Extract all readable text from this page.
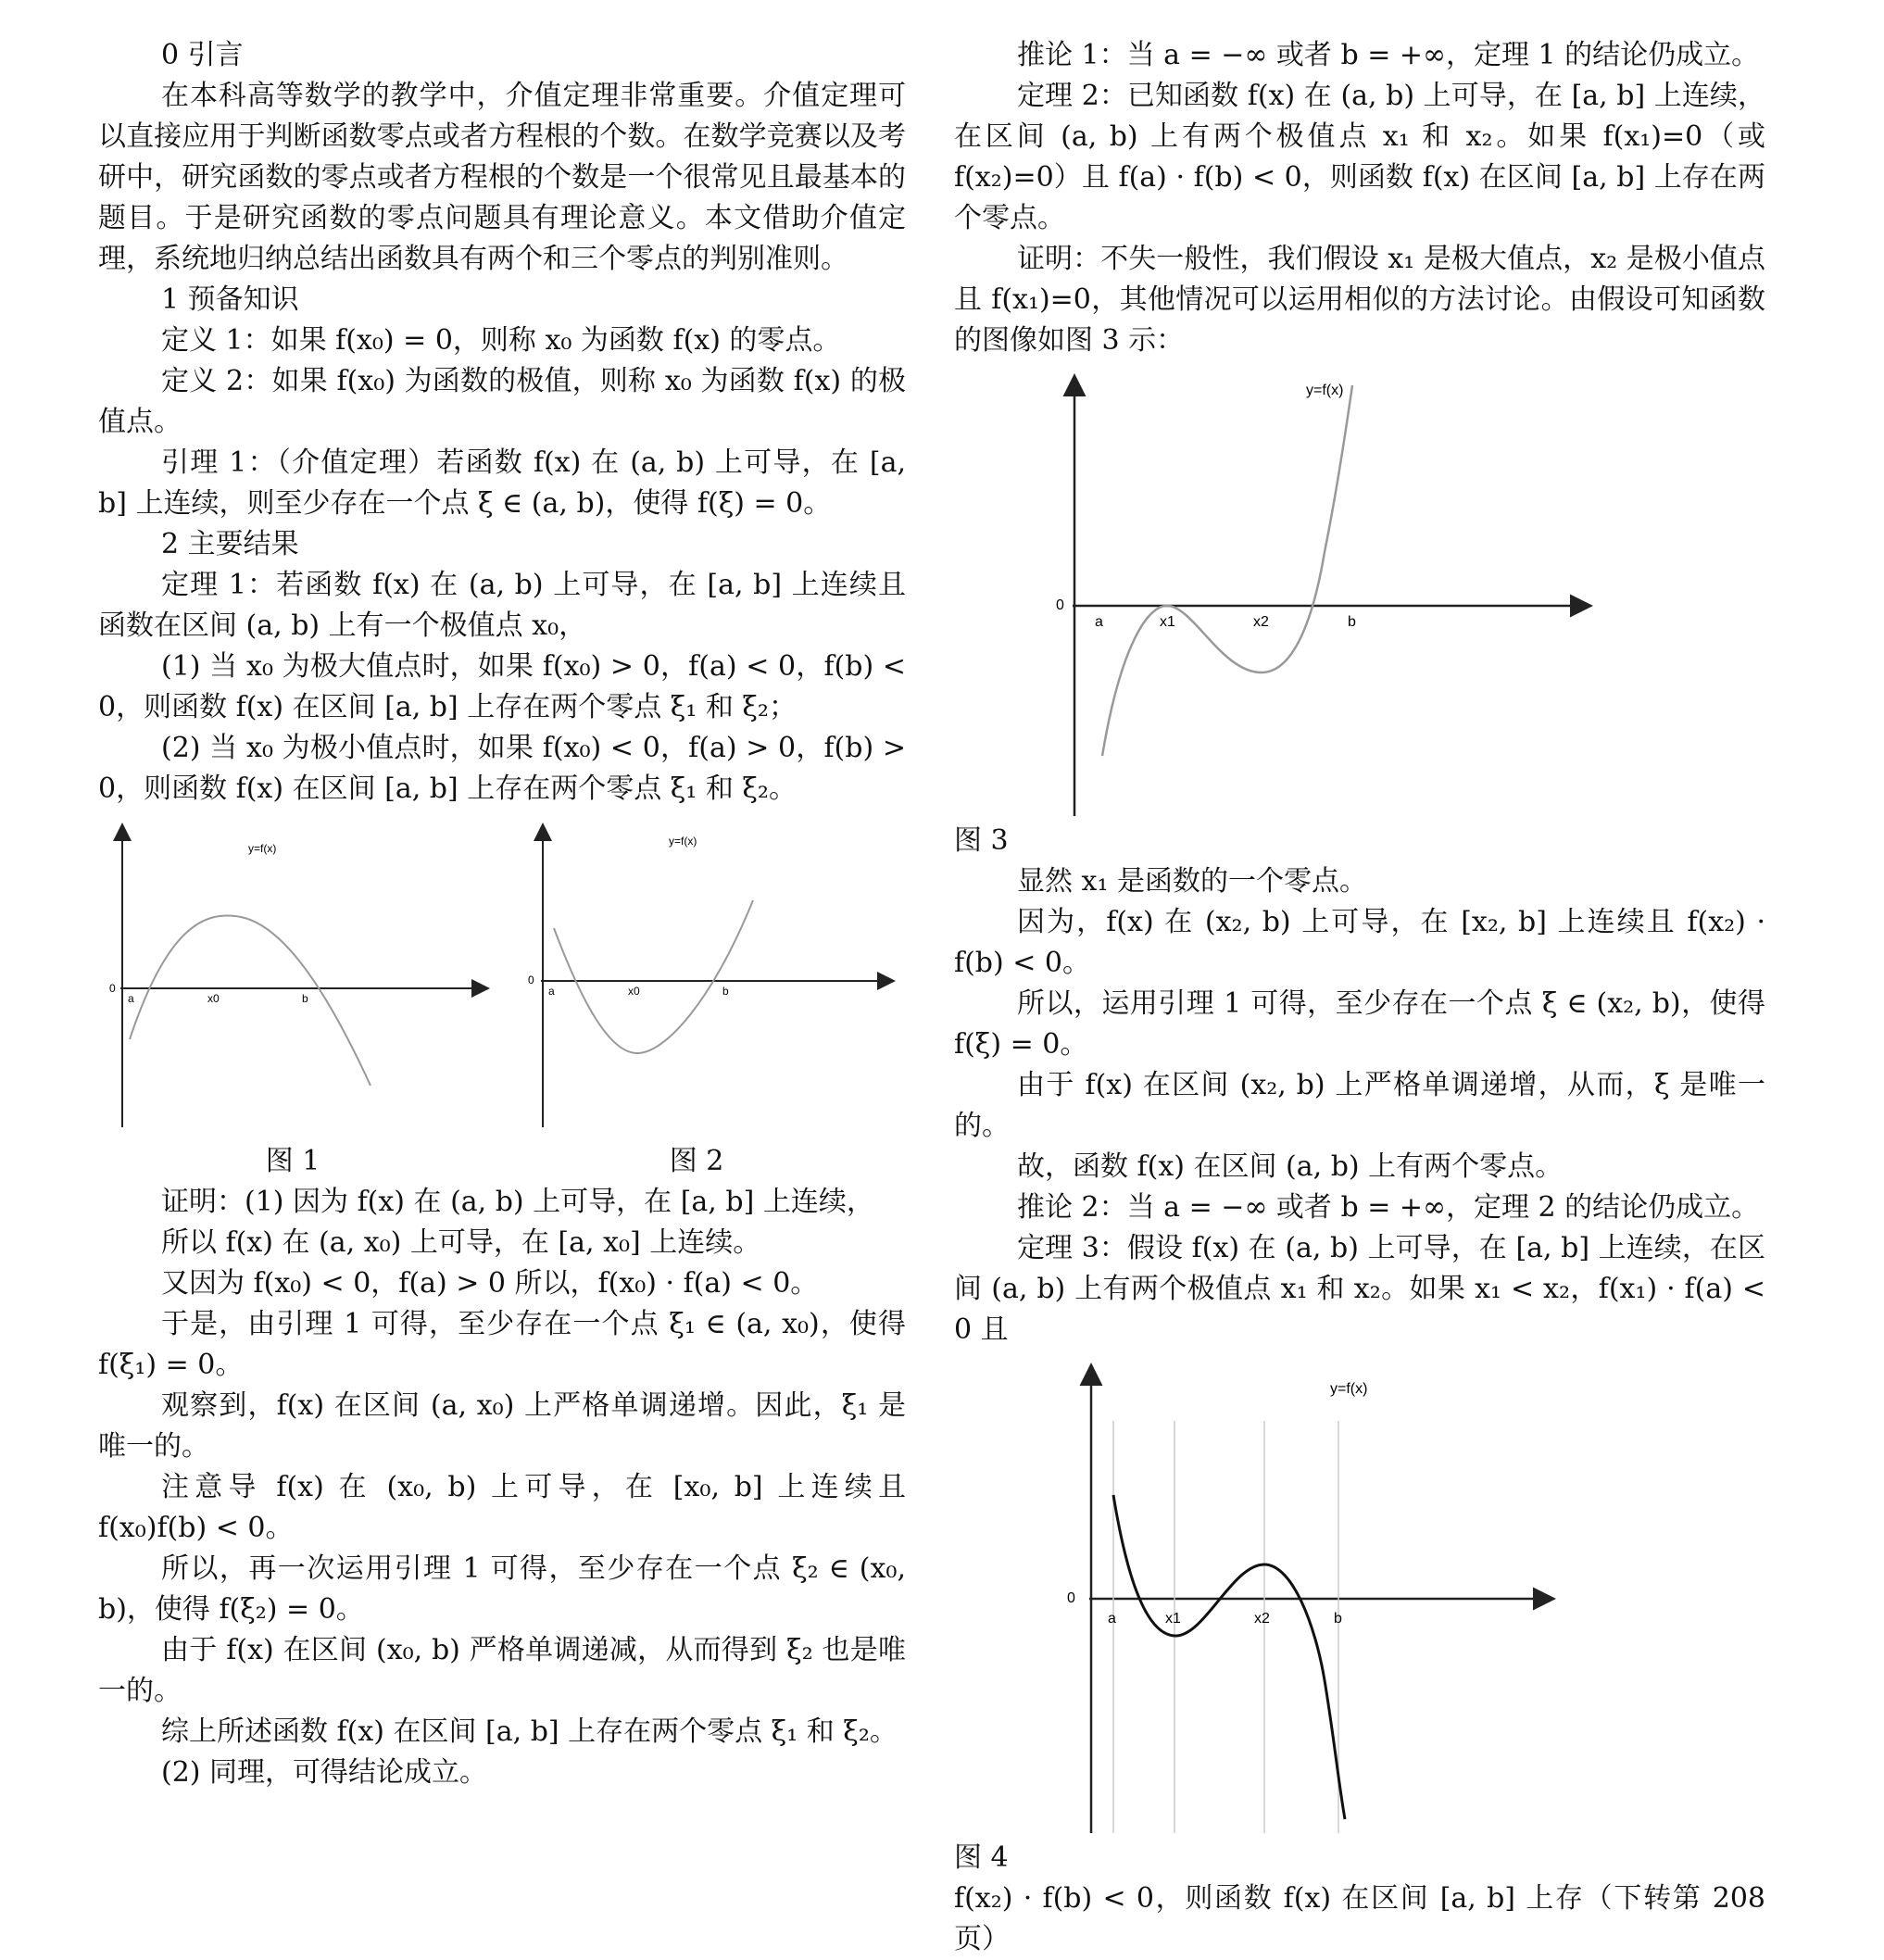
0 引言

在本科高等数学的教学中，介值定理非常重要。介值定理可以直接应用于判断函数零点或者方程根的个数。在数学竞赛以及考研中，研究函数的零点或者方程根的个数是一个很常见且最基本的题目。于是研究函数的零点问题具有理论意义。本文借助介值定理，系统地归纳总结出函数具有两个和三个零点的判别准则。

1 预备知识

定义 1：如果 f(x₀) = 0，则称 x₀ 为函数 f(x) 的零点。

定义 2：如果 f(x₀) 为函数的极值，则称 x₀ 为函数 f(x) 的极值点。

引理 1：（介值定理）若函数 f(x) 在 (a, b) 上可导，在 [a, b] 上连续，则至少存在一个点 ξ ∈ (a, b)，使得 f(ξ) = 0。

2 主要结果

定理 1：若函数 f(x) 在 (a, b) 上可导，在 [a, b] 上连续且函数在区间 (a, b) 上有一个极值点 x₀，

(1) 当 x₀ 为极大值点时，如果 f(x₀) > 0，f(a) < 0，f(b) < 0，则函数 f(x) 在区间 [a, b] 上存在两个零点 ξ₁ 和 ξ₂；

(2) 当 x₀ 为极小值点时，如果 f(x₀) < 0，f(a) > 0，f(b) > 0，则函数 f(x) 在区间 [a, b] 上存在两个零点 ξ₁ 和 ξ₂。

y=f(x)
0
a	x0	b
y=f(x)
0
a	x0	b
图 1	图 2

证明：(1) 因为 f(x) 在 (a, b) 上可导，在 [a, b] 上连续，

所以 f(x) 在 (a, x₀) 上可导，在 [a, x₀] 上连续。

又因为 f(x₀) < 0，f(a) > 0 所以，f(x₀) · f(a) < 0。

于是，由引理 1 可得，至少存在一个点 ξ₁ ∈ (a, x₀)，使得 f(ξ₁) = 0。

观察到，f(x) 在区间 (a, x₀) 上严格单调递增。因此，ξ₁ 是唯一的。

注意导 f(x) 在 (x₀, b) 上可导，在 [x₀, b] 上连续且 f(x₀)f(b) < 0。

所以，再一次运用引理 1 可得，至少存在一个点 ξ₂ ∈ (x₀, b)，使得 f(ξ₂) = 0。

由于 f(x) 在区间 (x₀, b) 严格单调递减，从而得到 ξ₂ 也是唯一的。

综上所述函数 f(x) 在区间 [a, b] 上存在两个零点 ξ₁ 和 ξ₂。

(2) 同理，可得结论成立。

推论 1：当 a = −∞ 或者 b = +∞，定理 1 的结论仍成立。

定理 2：已知函数 f(x) 在 (a, b) 上可导，在 [a, b] 上连续，在区间 (a, b) 上有两个极值点 x₁ 和 x₂。如果 f(x₁)=0（或 f(x₂)=0）且 f(a) · f(b) < 0，则函数 f(x) 在区间 [a, b] 上存在两个零点。

证明：不失一般性，我们假设 x₁ 是极大值点，x₂ 是极小值点且 f(x₁)=0，其他情况可以运用相似的方法讨论。由假设可知函数的图像如图 3 示：

y=f(x)
0
a	x1	x2	b

图 3

显然 x₁ 是函数的一个零点。

因为，f(x) 在 (x₂, b) 上可导，在 [x₂, b] 上连续且 f(x₂) · f(b) < 0。

所以，运用引理 1 可得，至少存在一个点 ξ ∈ (x₂, b)，使得 f(ξ) = 0。

由于 f(x) 在区间 (x₂, b) 上严格单调递增，从而，ξ 是唯一的。

故，函数 f(x) 在区间 (a, b) 上有两个零点。

推论 2：当 a = −∞ 或者 b = +∞，定理 2 的结论仍成立。

定理 3：假设 f(x) 在 (a, b) 上可导，在 [a, b] 上连续，在区间 (a, b) 上有两个极值点 x₁ 和 x₂。如果 x₁ < x₂，f(x₁) · f(a) < 0 且

y=f(x)
0
a	x1	x2	b

图 4

f(x₂) · f(b) < 0，则函数 f(x) 在区间 [a, b] 上存（下转第 208 页）
